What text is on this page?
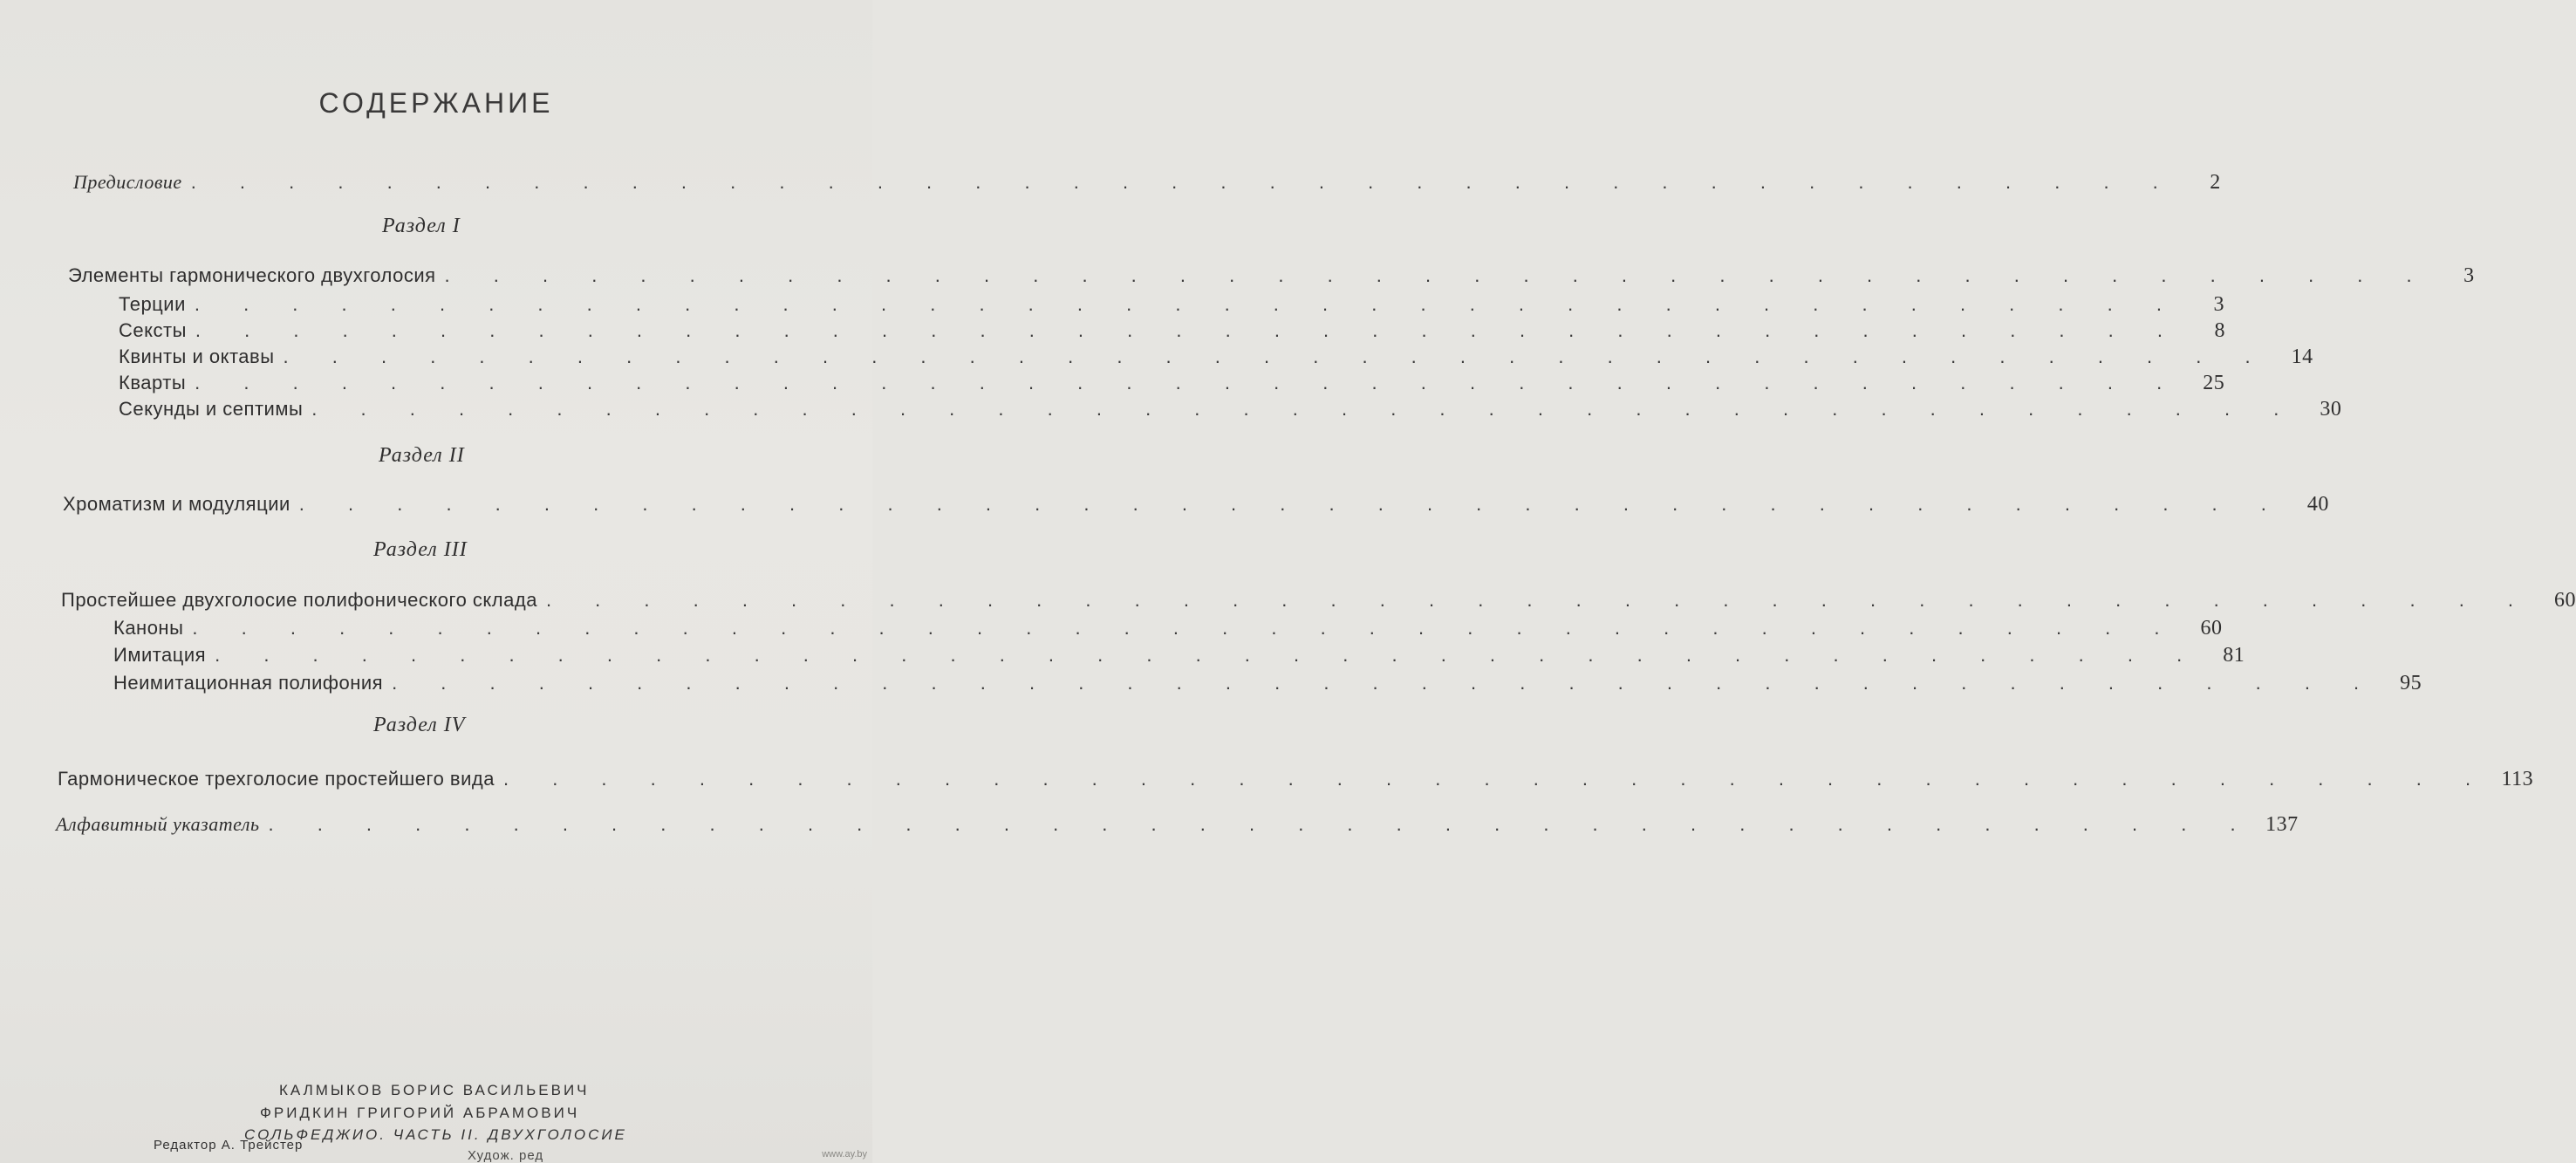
СОДЕРЖАНИЕ
Предисловие . . . . . . . . . . . . . . . . . . . . . . . . . . . . . . . . . . . . . . . . .	2
Раздел I
Элементы гармонического двухголосия . . . . . . . . . . . . . . . . . . . . . . . . . . . . . . . . . . . . . . . . .	3
Терции . . . . . . . . . . . . . . . . . . . . . . . . . . . . . . . . . . . . . . . . .	3
Сексты . . . . . . . . . . . . . . . . . . . . . . . . . . . . . . . . . . . . . . . . .	8
Квинты и октавы . . . . . . . . . . . . . . . . . . . . . . . . . . . . . . . . . . . . . . . . .	14
Кварты . . . . . . . . . . . . . . . . . . . . . . . . . . . . . . . . . . . . . . . . .	25
Секунды и септимы . . . . . . . . . . . . . . . . . . . . . . . . . . . . . . . . . . . . . . . . .	30
Раздел II
Хроматизм и модуляции . . . . . . . . . . . . . . . . . . . . . . . . . . . . . . . . . . . . . . . . .	40
Раздел III
Простейшее двухголосие полифонического склада . . . . . . . . . . . . . . . . . . . . . . . . . . . . . . . . . . . . . . . . .	60
Каноны . . . . . . . . . . . . . . . . . . . . . . . . . . . . . . . . . . . . . . . . .	60
Имитация . . . . . . . . . . . . . . . . . . . . . . . . . . . . . . . . . . . . . . . . .	81
Неимитационная полифония . . . . . . . . . . . . . . . . . . . . . . . . . . . . . . . . . . . . . . . . .	95
Раздел IV
Гармоническое трехголосие простейшего вида . . . . . . . . . . . . . . . . . . . . . . . . . . . . . . . . . . . . . . . . . 113
Алфавитный указатель . . . . . . . . . . . . . . . . . . . . . . . . . . . . . . . . . . . . . . . . . 137
КАЛМЫКОВ БОРИС ВАСИЛЬЕВИЧ
ФРИДКИН ГРИГОРИЙ АБРАМОВИЧ
СОЛЬФЕДЖИО. ЧАСТЬ II. ДВУХГОЛОСИЕ
Редактор А. Трейстер
Худож. ред	www.ay.by
